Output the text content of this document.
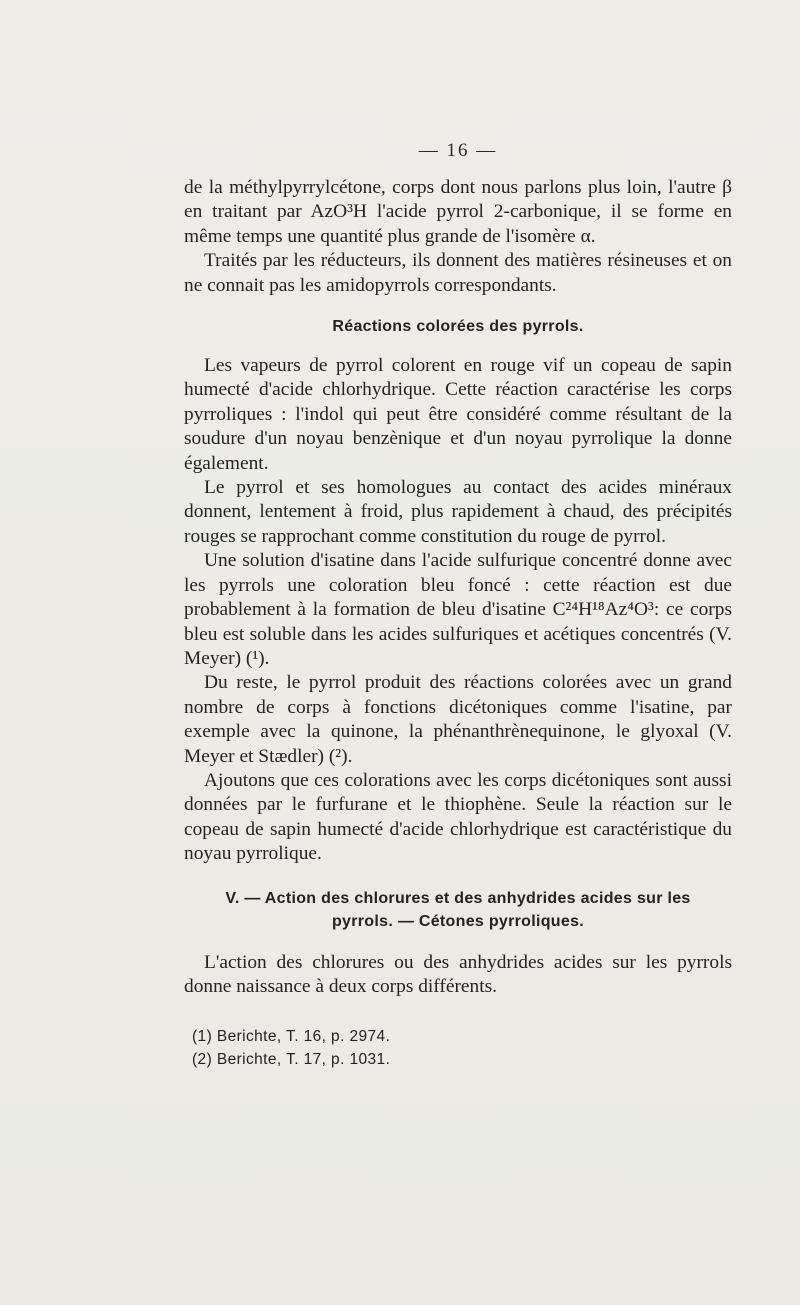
— 16 —

de la méthylpyrrylcétone, corps dont nous parlons plus loin, l'autre β en traitant par AzO³H l'acide pyrrol 2-carbonique, il se forme en même temps une quantité plus grande de l'isomère α.

Traités par les réducteurs, ils donnent des matières résineuses et on ne connait pas les amidopyrrols correspondants.

Réactions colorées des pyrrols.

Les vapeurs de pyrrol colorent en rouge vif un copeau de sapin humecté d'acide chlorhydrique. Cette réaction caractérise les corps pyrroliques : l'indol qui peut être considéré comme résultant de la soudure d'un noyau benzènique et d'un noyau pyrrolique la donne également.

Le pyrrol et ses homologues au contact des acides minéraux donnent, lentement à froid, plus rapidement à chaud, des précipités rouges se rapprochant comme constitution du rouge de pyrrol.

Une solution d'isatine dans l'acide sulfurique concentré donne avec les pyrrols une coloration bleu foncé : cette réaction est due probablement à la formation de bleu d'isatine C²⁴H¹⁸Az⁴O³: ce corps bleu est soluble dans les acides sulfuriques et acétiques concentrés (V. Meyer) (¹).

Du reste, le pyrrol produit des réactions colorées avec un grand nombre de corps à fonctions dicétoniques comme l'isatine, par exemple avec la quinone, la phénanthrènequinone, le glyoxal (V. Meyer et Stædler) (²).

Ajoutons que ces colorations avec les corps dicétoniques sont aussi données par le furfurane et le thiophène. Seule la réaction sur le copeau de sapin humecté d'acide chlorhydrique est caractéristique du noyau pyrrolique.

V. — Action des chlorures et des anhydrides acides sur les
pyrrols. — Cétones pyrroliques.

L'action des chlorures ou des anhydrides acides sur les pyrrols donne naissance à deux corps différents.

(1) Berichte, T. 16, p. 2974.

(2) Berichte, T. 17, p. 1031.
